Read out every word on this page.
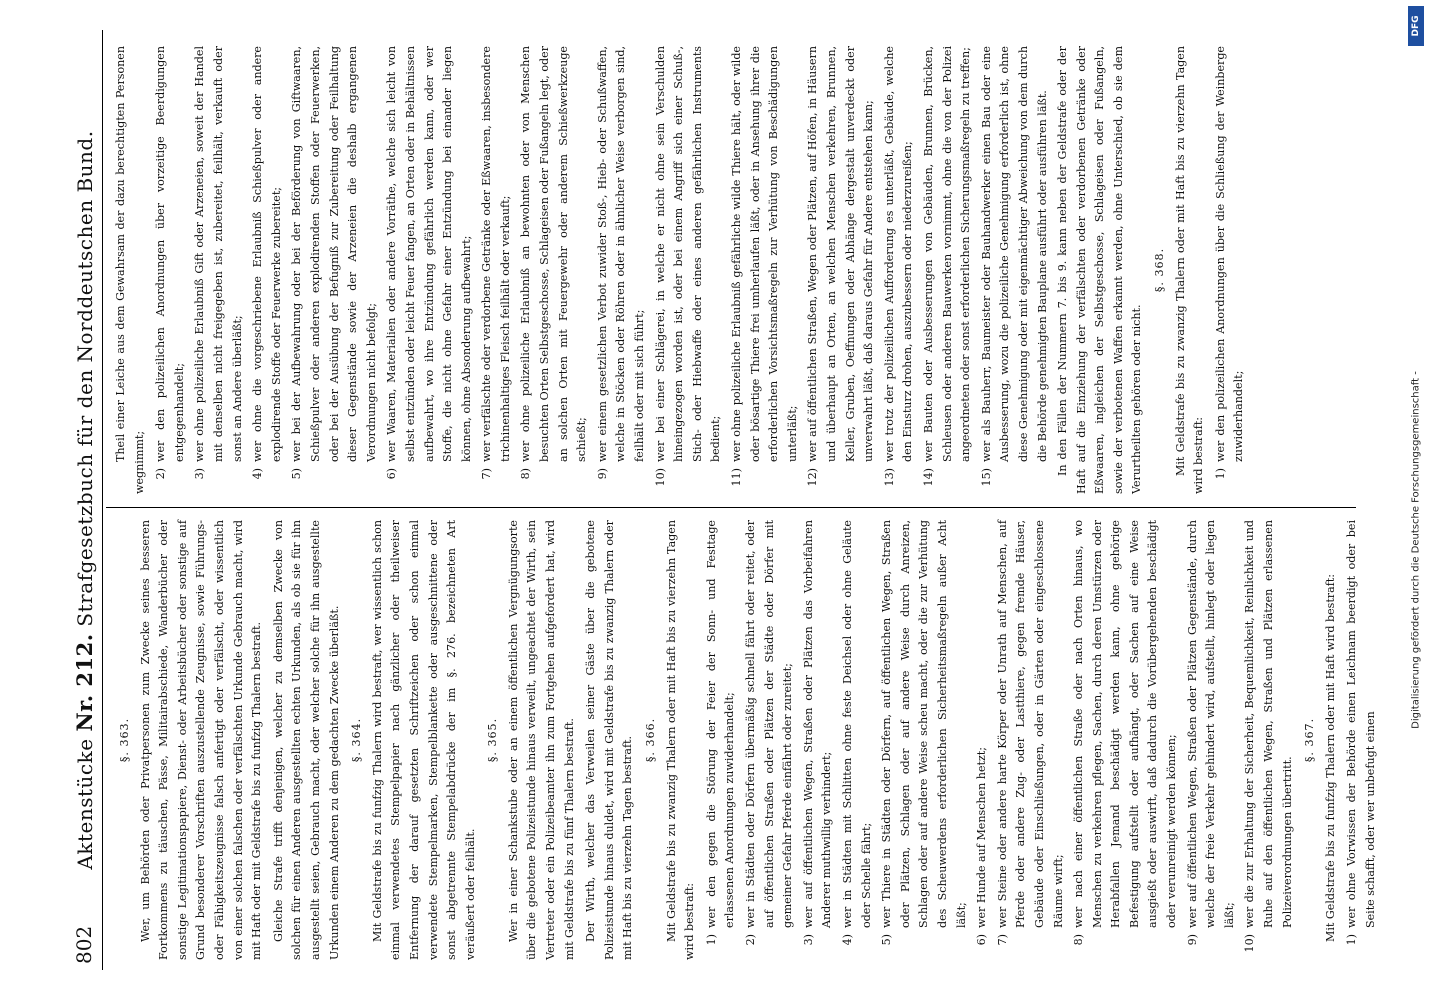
802
Aktenstücke Nr. 212. Strafgesetzbuch für den Norddeutschen Bund.
§. 363. Wer, um Behörden oder Privatpersonen zum Zwecke seines besseren Fortkommens zu täuschen, Pässe, Militairabschiede, Wanderbücher oder sonstige Legitimationspapiere, Dienst- oder Arbeitsbücher oder sonstige auf Grund besonderer Vorschriften auszustellende Zeugnisse, sowie Führungs- oder Fähigkeitszeugnisse falsch anfertigt oder verfälscht, oder wissentlich von einer solchen falschen oder verfälschten Urkunde Gebrauch macht, wird mit Haft oder mit Geldstrafe bis zu funfzig Thalern bestraft. Gleiche Strafe trifft denjenigen, welcher zu demselben Zwecke von solchen für einen Anderen ausgestellten echten Urkunden, als ob sie für ihn ausgestellt seien, Gebrauch macht, oder welcher solche für ihn ausgestellte Urkunden einem Anderen zu dem gedachten Zwecke überläßt. §. 364. Mit Geldstrafe bis zu funfzig Thalern wird bestraft, wer wissentlich schon einmal verwendetes Stempelpapier nach gänzlicher oder theilweiser Entfernung der darauf gesetzten Schriftzeichen oder schon einmal verwendete Stempelmarken, Stempelblankette oder ausgeschnittene oder sonst abgetrennte Stempelabdrücke der im §. 276. bezeichneten Art veräußert oder feilhält.

§. 365. Wer in einer Schankstube oder an einem öffentlichen Vergnügungsorte über die gebotene Polizeistunde hinaus verweilt, ungeachtet der Wirth, sein Vertreter oder ein Polizeibeamter ihn zum Fortgehen aufgefordert hat, wird mit Geldstrafe bis zu fünf Thalern bestraft. Der Wirth, welcher das Verweilen seiner Gäste über die gebotene Polizeistunde hinaus duldet, wird mit Geldstrafe bis zu zwanzig Thalern oder mit Haft bis zu vierzehn Tagen bestraft. §. 366. Mit Geldstrafe bis zu zwanzig Thalern oder mit Haft bis zu vierzehn Tagen wird bestraft: 1)
wer den gegen die Störung der Feier der Sonn- und Festtage erlassenen Anordnungen zuwiderhandelt;
2)
wer in Städten oder Dörfern übermäßig schnell fährt oder reitet, oder auf öffentlichen Straßen oder Plätzen der Städte oder Dörfer mit gemeiner Gefahr Pferde einfährt oder zureitet;
3)
wer auf öffentlichen Wegen, Straßen oder Plätzen das Vorbeifahren Anderer muthwillig verhindert;
4)
wer in Städten mit Schlitten ohne feste Deichsel oder ohne Geläute oder Schelle fährt;
5)
wer Thiere in Städten oder Dörfern, auf öffentlichen Wegen, Straßen oder Plätzen, Schlagen oder auf andere Weise durch Anreizen, Schlagen oder auf andere Weise scheu macht, oder die zur Verhütung des Scheuwerdens erforderlichen Sicherheitsmaßregeln außer Acht läßt;
6)
wer Hunde auf Menschen hetzt;
7)
wer Steine oder andere harte Körper oder Unrath auf Menschen, auf Pferde oder andere Zug- oder Lastthiere, gegen fremde Häuser, Gebäude oder Einschließungen, oder in Gärten oder eingeschlossene Räume wirft;
8)
wer nach einer öffentlichen Straße oder nach Orten hinaus, wo Menschen zu verkehren pflegen, Sachen, durch deren Umstürzen oder Herabfallen Jemand beschädigt werden kann, ohne gehörige Befestigung aufstellt oder aufhängt, oder Sachen auf eine Weise ausgießt oder auswirft, daß dadurch die Vorübergehenden beschädigt oder verunreinigt werden können;
9)
wer auf öffentlichen Wegen, Straßen oder Plätzen Gegenstände, durch welche der freie Verkehr gehindert wird, aufstellt, hinlegt oder liegen läßt;
10)
wer die zur Erhaltung der Sicherheit, Bequemlichkeit, Reinlichkeit und Ruhe auf den öffentlichen Wegen, Straßen und Plätzen erlassenen Polizeiverordnungen übertritt.
§. 367. Mit Geldstrafe bis zu funfzig Thalern oder mit Haft wird bestraft: 1)
wer ohne Vorwissen der Behörde einen Leichnam beerdigt oder bei Seite schafft, oder wer unbefugt einen

Theil einer Leiche aus dem Gewahrsam der dazu berechtigten Personen wegnimmt; 2)
wer den polizeilichen Anordnungen über vorzeitige Beerdigungen entgegenhandelt;
3)
wer ohne polizeiliche Erlaubniß Gift oder Arzeneien, soweit der Handel mit denselben nicht freigegeben ist, zubereitet, feilhält, verkauft oder sonst an Andere überläßt;
4)
wer ohne die vorgeschriebene Erlaubniß Schießpulver oder andere explodirende Stoffe oder Feuerwerke zubereitet;
5)
wer bei der Aufbewahrung oder bei der Beförderung von Giftwaaren, Schießpulver oder anderen explodirenden Stoffen oder Feuerwerken, oder bei der Ausübung der Befugniß zur Zubereitung oder Feilhaltung dieser Gegenstände sowie der Arzeneien die deshalb ergangenen Verordnungen nicht befolgt;
6)
wer Waaren, Materialien oder andere Vorräthe, welche sich leicht von selbst entzünden oder leicht Feuer fangen, an Orten oder in Behältnissen aufbewahrt, wo ihre Entzündung gefährlich werden kann, oder wer Stoffe, die nicht ohne Gefahr einer Entzündung bei einander liegen können, ohne Absonderung aufbewahrt;
7)
wer verfälschte oder verdorbene Getränke oder Eßwaaren, insbesondere trichinenhaltiges Fleisch feilhält oder verkauft;
8)
wer ohne polizeiliche Erlaubniß an bewohnten oder von Menschen besuchten Orten Selbstgeschosse, Schlageisen oder Fußangeln legt, oder an solchen Orten mit Feuergewehr oder anderem Schießwerkzeuge schießt;
9)
wer einem gesetzlichen Verbot zuwider Stoß-, Hieb- oder Schußwaffen, welche in Stöcken oder Röhren oder in ähnlicher Weise verborgen sind, feilhält oder mit sich führt;
10)
wer bei einer Schlägerei, in welche er nicht ohne sein Verschulden hineingezogen worden ist, oder bei einem Angriff sich einer Schuß-, Stich- oder Hiebwaffe oder eines anderen gefährlichen Instruments bedient;
11)
wer ohne polizeiliche Erlaubniß gefährliche wilde Thiere hält, oder wilde oder bösartige Thiere frei umherlaufen läßt, oder in Ansehung ihrer die erforderlichen Vorsichtsmaßregeln zur Verhütung von Beschädigungen unterläßt;
12)
wer auf öffentlichen Straßen, Wegen oder Plätzen, auf Höfen, in Häusern und überhaupt an Orten, an welchen Menschen verkehren, Brunnen, Keller, Gruben, Oeffnungen oder Abhänge dergestalt unverdeckt oder unverwahrt läßt, daß daraus Gefahr für Andere entstehen kann;
13)
wer trotz der polizeilichen Aufforderung es unterläßt, Gebäude, welche den Einsturz drohen, auszubessern oder niederzureißen;
14)
wer Bauten oder Ausbesserungen von Gebäuden, Brunnen, Brücken, Schleusen oder anderen Bauwerken vornimmt, ohne die von der Polizei angeordneten oder sonst erforderlichen Sicherungsmaßregeln zu treffen;
15)
wer als Bauherr, Baumeister oder Bauhandwerker einen Bau oder eine Ausbesserung, wozu die polizeiliche Genehmigung erforderlich ist, ohne diese Genehmigung oder mit eigenmächtiger Abweichung von dem durch die Behörde genehmigten Bauplane ausführt oder ausführen läßt. In den Fällen der Nummern 7. bis 9. kann neben der Geldstrafe oder der Haft auf die Einziehung der verfälschten oder verdorbenen Getränke oder Eßwaaren, ingleichen der Selbstgeschosse, Schlageisen oder Fußangeln, sowie der verbotenen Waffen erkannt werden, ohne Unterschied, ob sie dem Verurtheilten gehören oder nicht.

§. 368. Mit Geldstrafe bis zu zwanzig Thalern oder mit Haft bis zu vierzehn Tagen wird bestraft: 1)
wer den polizeilichen Anordnungen über die Schließung der Weinberge zuwiderhandelt;
DFG
Digitalisierung gefördert durch die Deutsche Forschungsgemeinschaft -
